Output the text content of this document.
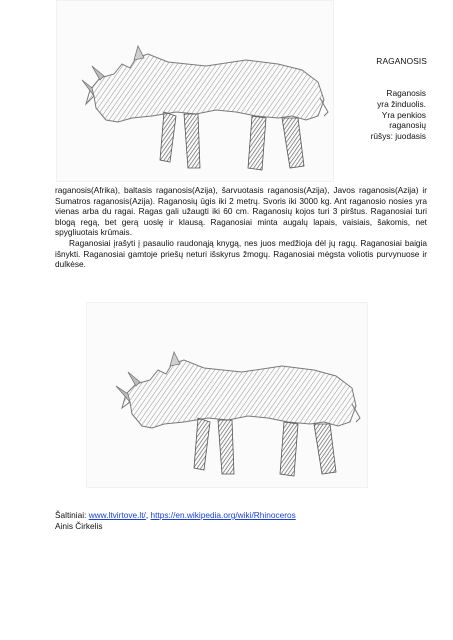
RAGANOSIS
Raganosis
yra žinduolis.
Yra penkios
raganosių
rūšys: juodasis

raganosis(Afrika), baltasis raganosis(Azija), šarvuotasis raganosis(Azija), Javos raganosis(Azija) ir Sumatros raganosis(Azija). Raganosių ūgis iki 2 metrų. Svoris iki 3000 kg. Ant raganosio nosies yra vienas arba du ragai. Ragas gali užaugti iki 60 cm. Raganosių kojos turi 3 pirštus. Raganosiai turi blogą regą, bet gerą uoslę ir klausą. Raganosiai minta augalų lapais, vaisiais, šakomis, net spygliuotais krūmais.

Raganosiai įrašyti į pasaulio raudonąją knygą, nes juos medžioja dėl jų ragų. Raganosiai baigia išnykti. Raganosiai gamtoje priešų neturi išskyrus žmogų. Raganosiai mėgsta voliotis purvynuose ir dulkėse.

Šaltiniai: www.ltvirtove.lt/, https://en.wikipedia.org/wiki/Rhinoceros
Ainis Čirkelis
